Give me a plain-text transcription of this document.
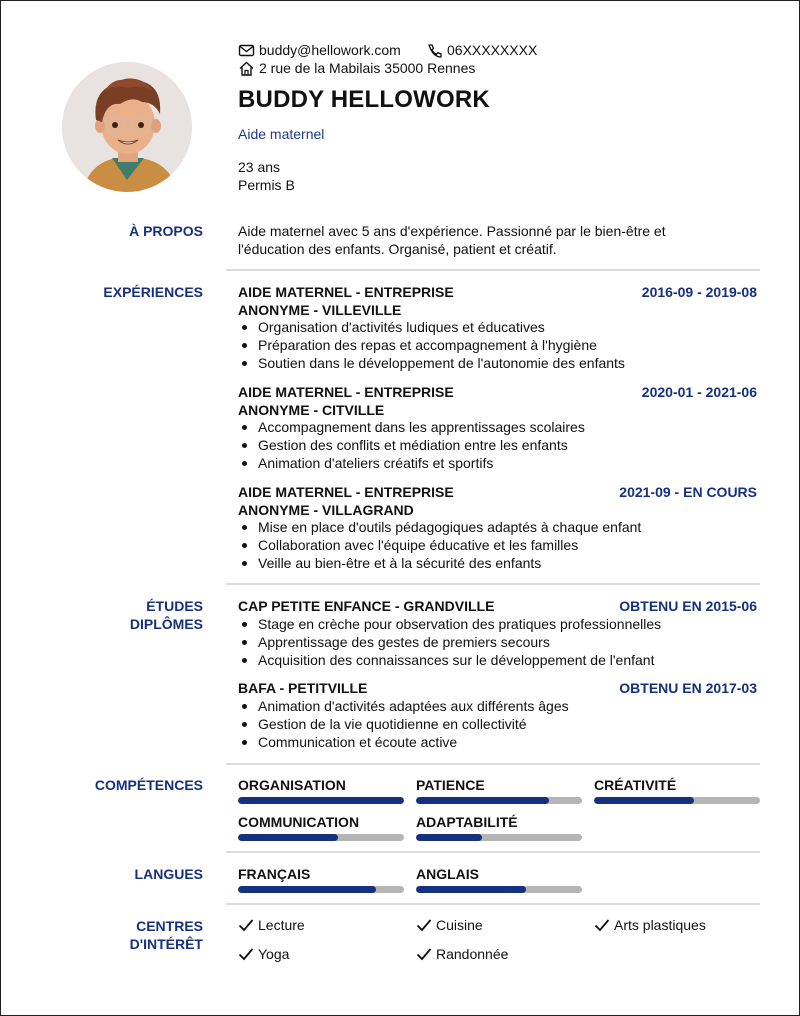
buddy@hellowork.com	06XXXXXXXX
2 rue de la Mabilais 35000 Rennes
BUDDY HELLOWORK
Aide maternel
23 ans
Permis B
À PROPOS	Aide maternel avec 5 ans d'expérience. Passionné par le bien-être et
l'éducation des enfants. Organisé, patient et créatif.
EXPÉRIENCES	AIDE MATERNEL - ENTREPRISE	2016-09 - 2019-08
ANONYME - VILLEVILLE
Organisation d'activités ludiques et éducatives
Préparation des repas et accompagnement à l'hygiène
Soutien dans le développement de l'autonomie des enfants
AIDE MATERNEL - ENTREPRISE	2020-01 - 2021-06
ANONYME - CITVILLE
Accompagnement dans les apprentissages scolaires
Gestion des conflits et médiation entre les enfants
Animation d'ateliers créatifs et sportifs
AIDE MATERNEL - ENTREPRISE	2021-09 - EN COURS
ANONYME - VILLAGRAND
Mise en place d'outils pédagogiques adaptés à chaque enfant
Collaboration avec l'équipe éducative et les familles
Veille au bien-être et à la sécurité des enfants
ÉTUDES
DIPLÔMES
CAP PETITE ENFANCE - GRANDVILLE	OBTENU EN 2015-06
Stage en crèche pour observation des pratiques professionnelles
Apprentissage des gestes de premiers secours
Acquisition des connaissances sur le développement de l'enfant
BAFA - PETITVILLE	OBTENU EN 2017-03
Animation d'activités adaptées aux différents âges
Gestion de la vie quotidienne en collectivité
Communication et écoute active
COMPÉTENCES	ORGANISATION	PATIENCE	CRÉATIVITÉ
COMMUNICATION	ADAPTABILITÉ
LANGUES	FRANÇAIS	ANGLAIS
CENTRES
D'INTÉRÊT
Lecture	Cuisine	Arts plastiques
Yoga	Randonnée
